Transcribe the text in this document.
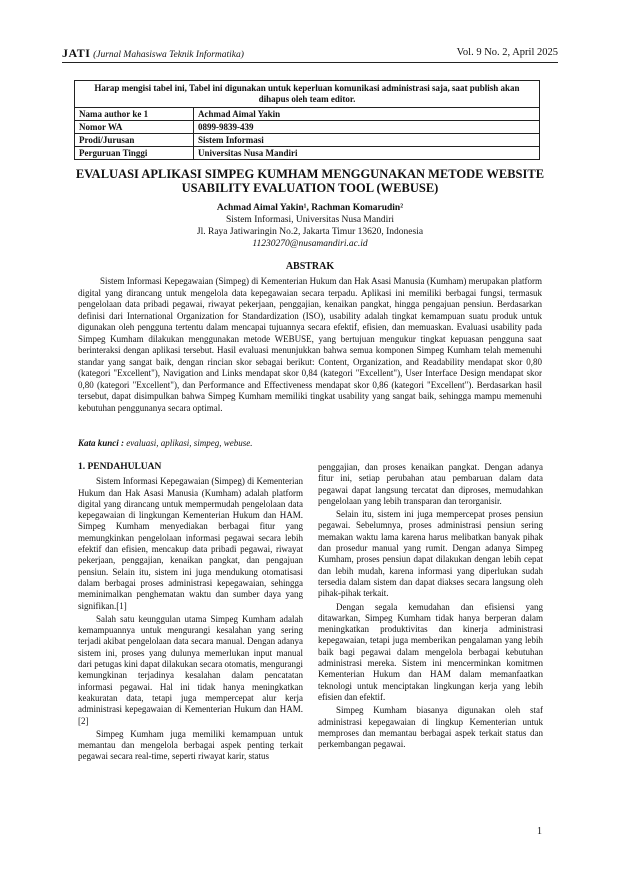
JATI (Jurnal Mahasiswa Teknik Informatika)	Vol. 9 No. 2, April 2025
Harap mengisi tabel ini, Tabel ini digunakan untuk keperluan komunikasi administrasi saja, saat publish akan dihapus oleh team editor.	
Nama author ke 1	Achmad Aimal Yakin
Nomor WA	0899-9839-439
Prodi/Jurusan	Sistem Informasi
Perguruan Tinggi	Universitas Nusa Mandiri
EVALUASI APLIKASI SIMPEG KUMHAM MENGGUNAKAN METODE WEBSITE USABILITY EVALUATION TOOL (WEBUSE)
Achmad Aimal Yakin¹, Rachman Komarudin²
Sistem Informasi, Universitas Nusa Mandiri
Jl. Raya Jatiwaringin No.2, Jakarta Timur 13620, Indonesia
11230270@nusamandiri.ac.id
ABSTRAK

Sistem Informasi Kepegawaian (Simpeg) di Kementerian Hukum dan Hak Asasi Manusia (Kumham) merupakan platform digital yang dirancang untuk mengelola data kepegawaian secara terpadu. Aplikasi ini memiliki berbagai fungsi, termasuk pengelolaan data pribadi pegawai, riwayat pekerjaan, penggajian, kenaikan pangkat, hingga pengajuan pensiun. Berdasarkan definisi dari International Organization for Standardization (ISO), usability adalah tingkat kemampuan suatu produk untuk digunakan oleh pengguna tertentu dalam mencapai tujuannya secara efektif, efisien, dan memuaskan. Evaluasi usability pada Simpeg Kumham dilakukan menggunakan metode WEBUSE, yang bertujuan mengukur tingkat kepuasan pengguna saat berinteraksi dengan aplikasi tersebut. Hasil evaluasi menunjukkan bahwa semua komponen Simpeg Kumham telah memenuhi standar yang sangat baik, dengan rincian skor sebagai berikut: Content, Organization, and Readability mendapat skor 0,80 (kategori "Excellent"), Navigation and Links mendapat skor 0,84 (kategori "Excellent"), User Interface Design mendapat skor 0,80 (kategori "Excellent"), dan Performance and Effectiveness mendapat skor 0,86 (kategori "Excellent"). Berdasarkan hasil tersebut, dapat disimpulkan bahwa Simpeg Kumham memiliki tingkat usability yang sangat baik, sehingga mampu memenuhi kebutuhan penggunanya secara optimal.

Kata kunci : evaluasi, aplikasi, simpeg, webuse.

1. PENDAHULUAN

Sistem Informasi Kepegawaian (Simpeg) di Kementerian Hukum dan Hak Asasi Manusia (Kumham) adalah platform digital yang dirancang untuk mempermudah pengelolaan data kepegawaian di lingkungan Kementerian Hukum dan HAM. Simpeg Kumham menyediakan berbagai fitur yang memungkinkan pengelolaan informasi pegawai secara lebih efektif dan efisien, mencakup data pribadi pegawai, riwayat pekerjaan, penggajian, kenaikan pangkat, dan pengajuan pensiun. Selain itu, sistem ini juga mendukung otomatisasi dalam berbagai proses administrasi kepegawaian, sehingga meminimalkan penghematan waktu dan sumber daya yang signifikan.[1]

Salah satu keunggulan utama Simpeg Kumham adalah kemampuannya untuk mengurangi kesalahan yang sering terjadi akibat pengelolaan data secara manual. Dengan adanya sistem ini, proses yang dulunya memerlukan input manual dari petugas kini dapat dilakukan secara otomatis, mengurangi kemungkinan terjadinya kesalahan dalam pencatatan informasi pegawai. Hal ini tidak hanya meningkatkan keakuratan data, tetapi juga mempercepat alur kerja administrasi kepegawaian di Kementerian Hukum dan HAM.[2]

Simpeg Kumham juga memiliki kemampuan untuk memantau dan mengelola berbagai aspek penting terkait pegawai secara real-time, seperti riwayat karir, status

penggajian, dan proses kenaikan pangkat. Dengan adanya fitur ini, setiap perubahan atau pembaruan dalam data pegawai dapat langsung tercatat dan diproses, memudahkan pengelolaan yang lebih transparan dan terorganisir.

Selain itu, sistem ini juga mempercepat proses pensiun pegawai. Sebelumnya, proses administrasi pensiun sering memakan waktu lama karena harus melibatkan banyak pihak dan prosedur manual yang rumit. Dengan adanya Simpeg Kumham, proses pensiun dapat dilakukan dengan lebih cepat dan lebih mudah, karena informasi yang diperlukan sudah tersedia dalam sistem dan dapat diakses secara langsung oleh pihak-pihak terkait.

Dengan segala kemudahan dan efisiensi yang ditawarkan, Simpeg Kumham tidak hanya berperan dalam meningkatkan produktivitas dan kinerja administrasi kepegawaian, tetapi juga memberikan pengalaman yang lebih baik bagi pegawai dalam mengelola berbagai kebutuhan administrasi mereka. Sistem ini mencerminkan komitmen Kementerian Hukum dan HAM dalam memanfaatkan teknologi untuk menciptakan lingkungan kerja yang lebih efisien dan efektif.

Simpeg Kumham biasanya digunakan oleh staf administrasi kepegawaian di lingkup Kementerian untuk memproses dan memantau berbagai aspek terkait status dan perkembangan pegawai.

1
